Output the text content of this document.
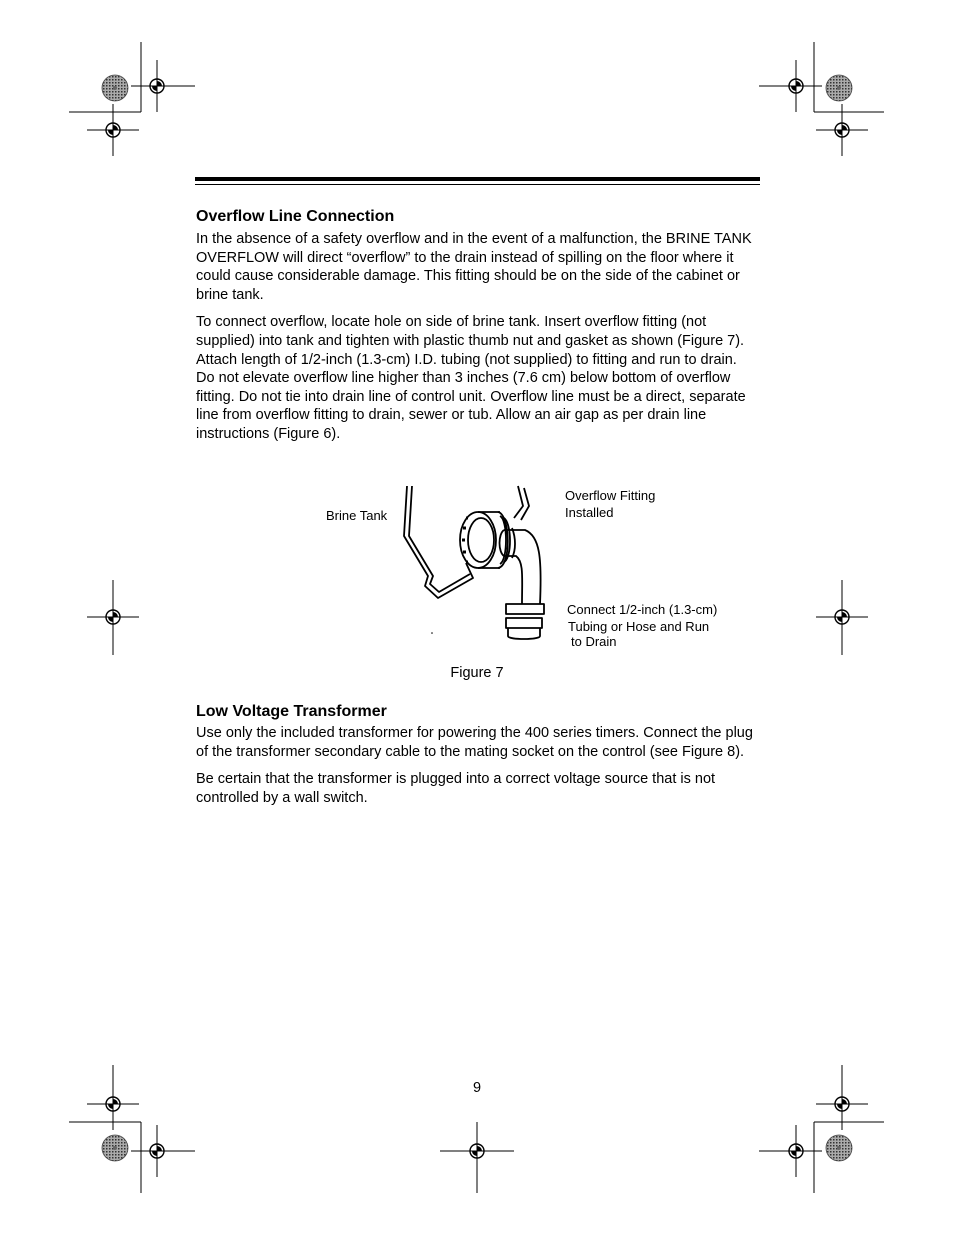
Overflow Line Connection

In the absence of a safety overflow and in the event of a malfunction, the BRINE TANK OVERFLOW will direct “overflow” to the drain instead of spilling on the floor where it could cause considerable damage. This fitting should be on the side of the cabinet or brine tank.

To connect overflow, locate hole on side of brine tank. Insert overflow fitting (not supplied) into tank and tighten with plastic thumb nut and gasket as shown (Figure 7). Attach length of 1/2-inch (1.3-cm) I.D. tubing (not supplied) to fitting and run to drain. Do not elevate overflow line higher than 3 inches (7.6 cm) below bottom of overflow fitting. Do not tie into drain line of control unit. Overflow line must be a direct, separate line from overflow fitting to drain, sewer or tub. Allow an air gap as per drain line instructions (Figure 6).

Brine Tank
Overflow Fitting
Installed
Connect 1/2-inch (1.3-cm)
Tubing or Hose and Run
to Drain
Figure 7
Low Voltage Transformer

Use only the included transformer for powering the 400 series timers. Connect the plug of the transformer secondary cable to the mating socket on the control (see Figure 8).

Be certain that the transformer is plugged into a correct voltage source that is not controlled by a wall switch.

9
